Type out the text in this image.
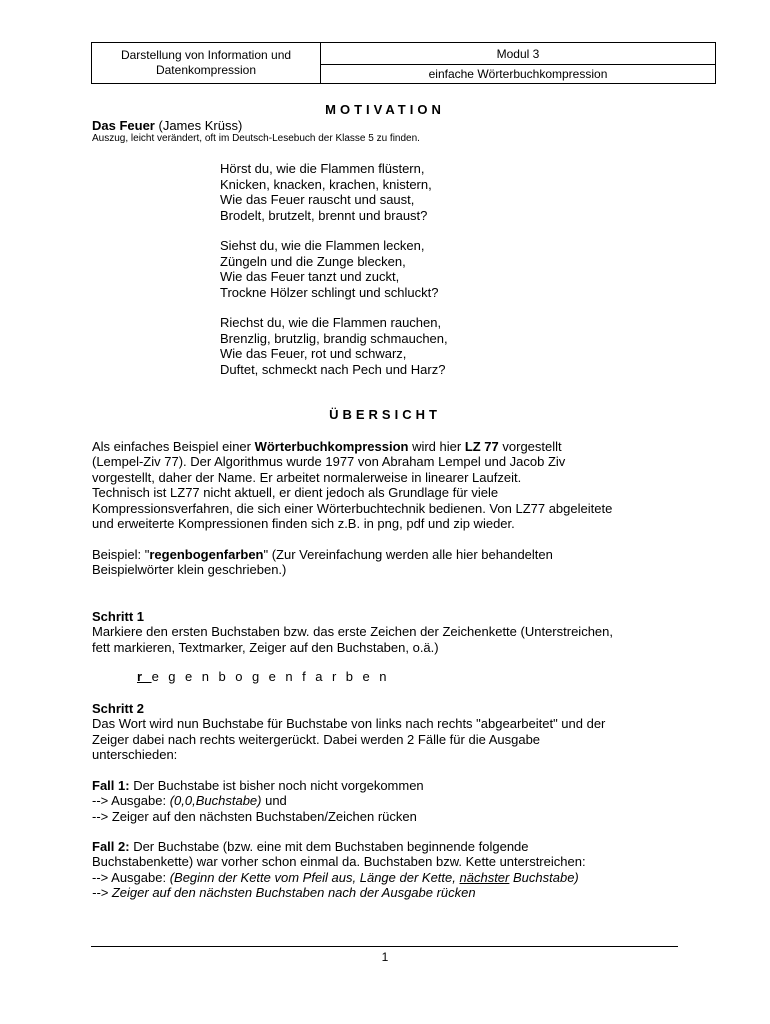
Darstellung von Information und Datenkompression
Modul 3
einfache Wörterbuchkompression
MOTIVATION
Das Feuer (James Krüss)
Auszug, leicht verändert, oft im Deutsch-Lesebuch der Klasse 5 zu finden.
Hörst du, wie die Flammen flüstern,
Knicken, knacken, krachen, knistern,
Wie das Feuer rauscht und saust,
Brodelt, brutzelt, brennt und braust?
Siehst du, wie die Flammen lecken,
Züngeln und die Zunge blecken,
Wie das Feuer tanzt und zuckt,
Trockne Hölzer schlingt und schluckt?
Riechst du, wie die Flammen rauchen,
Brenzlig, brutzlig, brandig schmauchen,
Wie das Feuer, rot und schwarz,
Duftet, schmeckt nach Pech und Harz?
ÜBERSICHT
Als einfaches Beispiel einer Wörterbuchkompression wird hier LZ 77 vorgestellt
(Lempel-Ziv 77). Der Algorithmus wurde 1977 von Abraham Lempel und Jacob Ziv
vorgestellt, daher der Name. Er arbeitet normalerweise in linearer Laufzeit.
Technisch ist LZ77 nicht aktuell, er dient jedoch als Grundlage für viele
Kompressionsverfahren, die sich einer Wörterbuchtechnik bedienen. Von LZ77 abgeleitete
und erweiterte Kompressionen finden sich z.B. in png, pdf und zip wieder.
Beispiel: "regenbogenfarben" (Zur Vereinfachung werden alle hier behandelten
Beispielwörter klein geschrieben.)
Schritt 1
Markiere den ersten Buchstaben bzw. das erste Zeichen der Zeichenkette (Unterstreichen,
fett markieren, Textmarker, Zeiger auf den Buchstaben, o.ä.)
regenbogenfarben
Schritt 2
Das Wort wird nun Buchstabe für Buchstabe von links nach rechts "abgearbeitet" und der
Zeiger dabei nach rechts weitergerückt. Dabei werden 2 Fälle für die Ausgabe
unterschieden:
Fall 1: Der Buchstabe ist bisher noch nicht vorgekommen
--> Ausgabe: (0,0,Buchstabe) und
--> Zeiger auf den nächsten Buchstaben/Zeichen rücken
Fall 2: Der Buchstabe (bzw. eine mit dem Buchstaben beginnende folgende
Buchstabenkette) war vorher schon einmal da. Buchstaben bzw. Kette unterstreichen:
--> Ausgabe: (Beginn der Kette vom Pfeil aus, Länge der Kette, nächster Buchstabe)
--> Zeiger auf den nächsten Buchstaben nach der Ausgabe rücken
1
